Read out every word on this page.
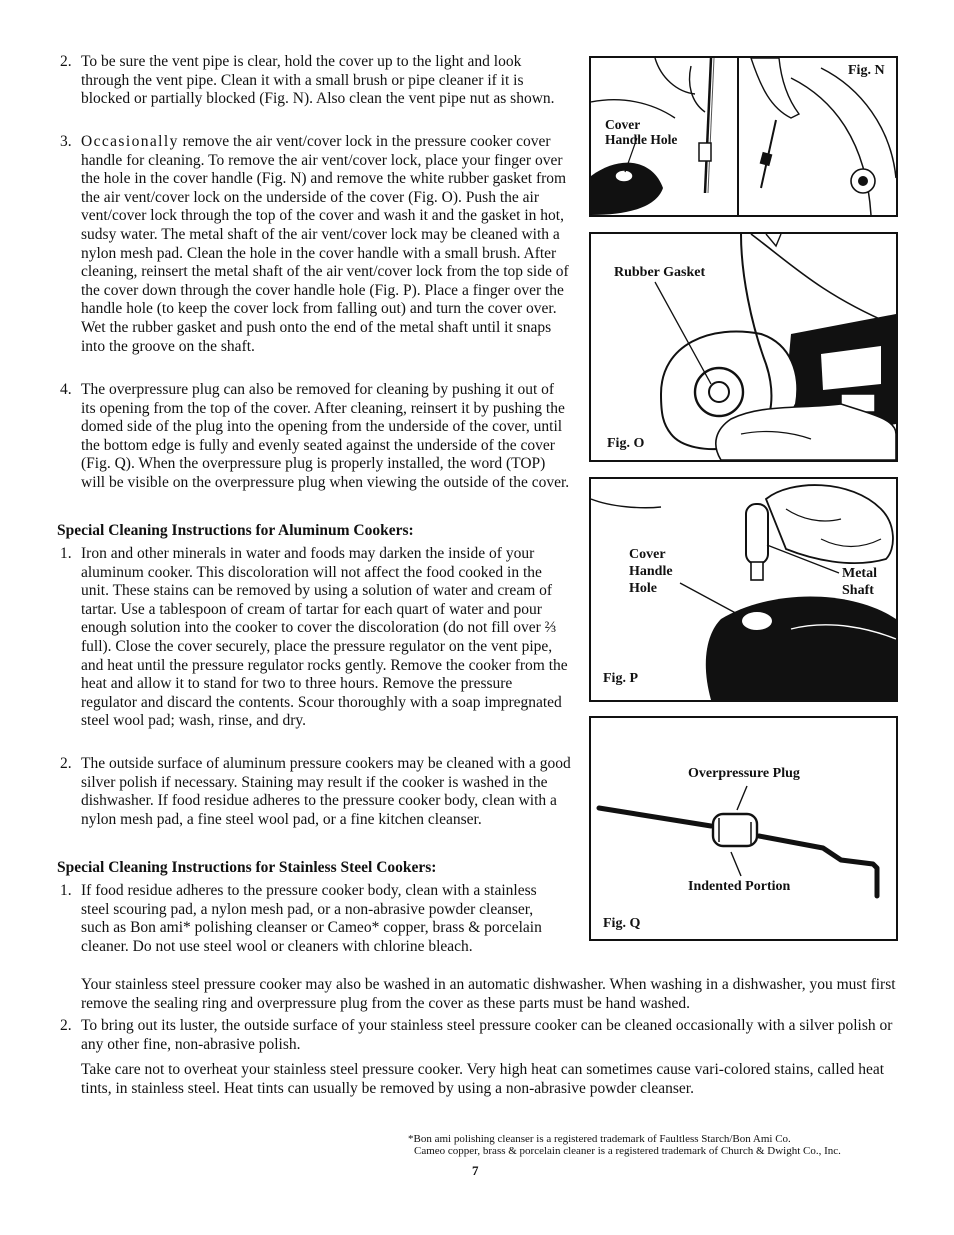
2. To be sure the vent pipe is clear, hold the cover up to the light and look through the vent pipe. Clean it with a small brush or pipe cleaner if it is blocked or partially blocked (Fig. N). Also clean the vent pipe nut as shown.
3. Occasionally remove the air vent/cover lock in the pressure cooker cover handle for cleaning. To remove the air vent/cover lock, place your finger over the hole in the cover handle (Fig. N) and remove the white rubber gasket from the air vent/cover lock on the underside of the cover (Fig. O). Push the air vent/cover lock through the top of the cover and wash it and the gasket in hot, sudsy water. The metal shaft of the air vent/cover lock may be cleaned with a nylon mesh pad. Clean the hole in the cover handle with a small brush. After cleaning, reinsert the metal shaft of the air vent/cover lock from the top side of the cover down through the cover handle hole (Fig. P). Place a finger over the handle hole (to keep the cover lock from falling out) and turn the cover over. Wet the rubber gasket and push onto the end of the metal shaft until it snaps into the groove on the shaft.
4. The overpressure plug can also be removed for cleaning by pushing it out of its opening from the top of the cover. After cleaning, reinsert it by pushing the domed side of the plug into the opening from the underside of the cover, until the bottom edge is fully and evenly seated against the underside of the cover (Fig. Q). When the overpressure plug is properly installed, the word (TOP) will be visible on the overpressure plug when viewing the outside of the cover.
Special Cleaning Instructions for Aluminum Cookers:
1. Iron and other minerals in water and foods may darken the inside of your aluminum cooker. This discoloration will not affect the food cooked in the unit. These stains can be removed by using a solution of water and cream of tartar. Use a tablespoon of cream of tartar for each quart of water and pour enough solution into the cooker to cover the discoloration (do not fill over ⅔ full). Close the cover securely, place the pressure regulator on the vent pipe, and heat until the pressure regulator rocks gently. Remove the cooker from the heat and allow it to stand for two to three hours. Remove the pressure regulator and discard the contents. Scour thoroughly with a soap impregnated steel wool pad; wash, rinse, and dry.
2. The outside surface of aluminum pressure cookers may be cleaned with a good silver polish if necessary. Staining may result if the cooker is washed in the dishwasher. If food residue adheres to the pressure cooker body, clean with a nylon mesh pad, a fine steel wool pad, or a fine kitchen cleanser.
Special Cleaning Instructions for Stainless Steel Cookers:
1. If food residue adheres to the pressure cooker body, clean with a stainless steel scouring pad, a nylon mesh pad, or a non-abrasive powder cleanser, such as Bon ami* polishing cleanser or Cameo* copper, brass & porcelain cleaner. Do not use steel wool or cleaners with chlorine bleach.
Your stainless steel pressure cooker may also be washed in an automatic dishwasher. When washing in a dishwasher, you must first remove the sealing ring and overpressure plug from the cover as these parts must be hand washed.
2. To bring out its luster, the outside surface of your stainless steel pressure cooker can be cleaned occasionally with a silver polish or any other fine, non-abrasive polish.
Take care not to overheat your stainless steel pressure cooker. Very high heat can sometimes cause vari-colored stains, called heat tints, in stainless steel. Heat tints can usually be removed by using a non-abrasive powder cleanser.
Fig. N
Cover
Handle Hole
Rubber Gasket
Fig. O
Cover
Handle
Hole
Metal
Shaft
Fig. P
Overpressure Plug
Indented Portion
Fig. Q
*Bon ami polishing cleanser is a registered trademark of Faultless Starch/Bon Ami Co.
Cameo copper, brass & porcelain cleaner is a registered trademark of Church & Dwight Co., Inc.
7
